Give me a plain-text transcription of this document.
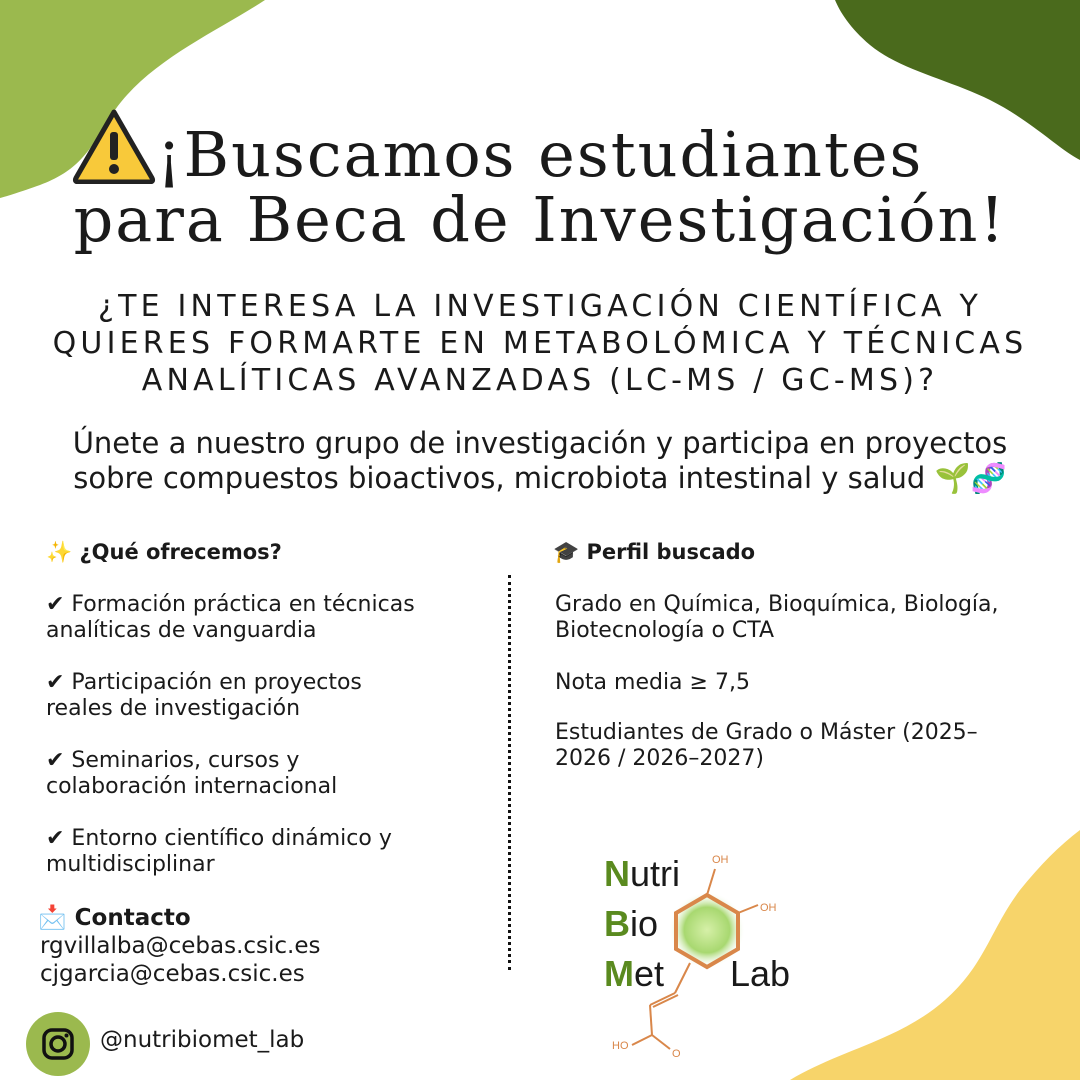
¡Buscamos estudiantes
para Beca de Investigación!
¿TE INTERESA LA INVESTIGACIÓN CIENTÍFICA Y
QUIERES FORMARTE EN METABOLÓMICA Y TÉCNICAS
ANALÍTICAS AVANZADAS (LC-MS / GC-MS)?
Únete a nuestro grupo de investigación y participa en proyectos
sobre compuestos bioactivos, microbiota intestinal y salud 🌱🧬
✨ ¿Qué ofrecemos?
✔ Formación práctica en técnicas
analíticas de vanguardia
✔ Participación en proyectos
reales de investigación
✔ Seminarios, cursos y
colaboración internacional
✔ Entorno científico dinámico y
multidisciplinar
📩 Contacto
rgvillalba@cebas.csic.es
cjgarcia@cebas.csic.es
🎓 Perfil buscado
Grado en Química, Bioquímica, Biología,
Biotecnología o CTA
Nota media ≥ 7,5
Estudiantes de Grado o Máster (2025–
2026 / 2026–2027)
@nutribiomet_lab
OH
OH
HO
O
Nutri
Bio
Met Lab
